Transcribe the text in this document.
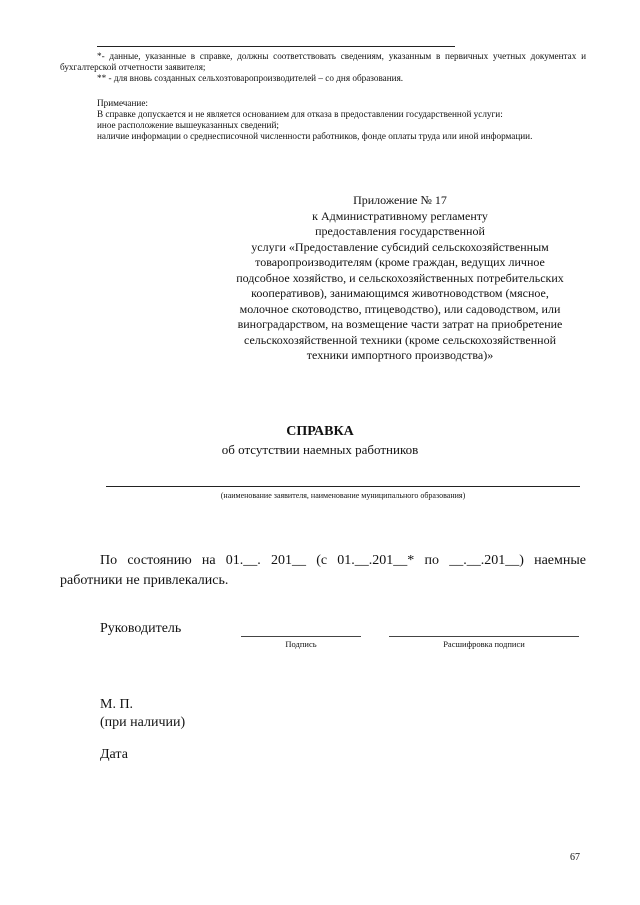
*- данные, указанные в справке, должны соответствовать сведениям, указанным в первичных учетных документах и бухгалтерской отчетности заявителя;

** - для вновь созданных сельхозтоваропроизводителей – со дня образования.

Примечание:

В справке допускается и не является основанием для отказа в предоставлении государственной услуги:

иное расположение вышеуказанных сведений;

наличие информации о среднесписочной численности работников, фонде оплаты труда или иной информации.

Приложение № 17

к Административному регламенту

предоставления государственной

услуги «Предоставление субсидий сельскохозяйственным

товаропроизводителям (кроме граждан, ведущих личное

подсобное хозяйство, и сельскохозяйственных потребительских

кооперативов), занимающимся животноводством (мясное,

молочное скотоводство, птицеводство), или садоводством, или

виноградарством, на возмещение части затрат на приобретение

сельскохозяйственной техники (кроме сельскохозяйственной

техники импортного производства)»

СПРАВКА
об отсутствии наемных работников
(наименование заявителя, наименование муниципального образования)

По состоянию на 01.__. 201__ (с 01.__.201__* по __.__.201__) наемные работники не привлекались.

Руководитель
Подпись	Расшифровка подписи
М. П.
(при наличии)
Дата
67
